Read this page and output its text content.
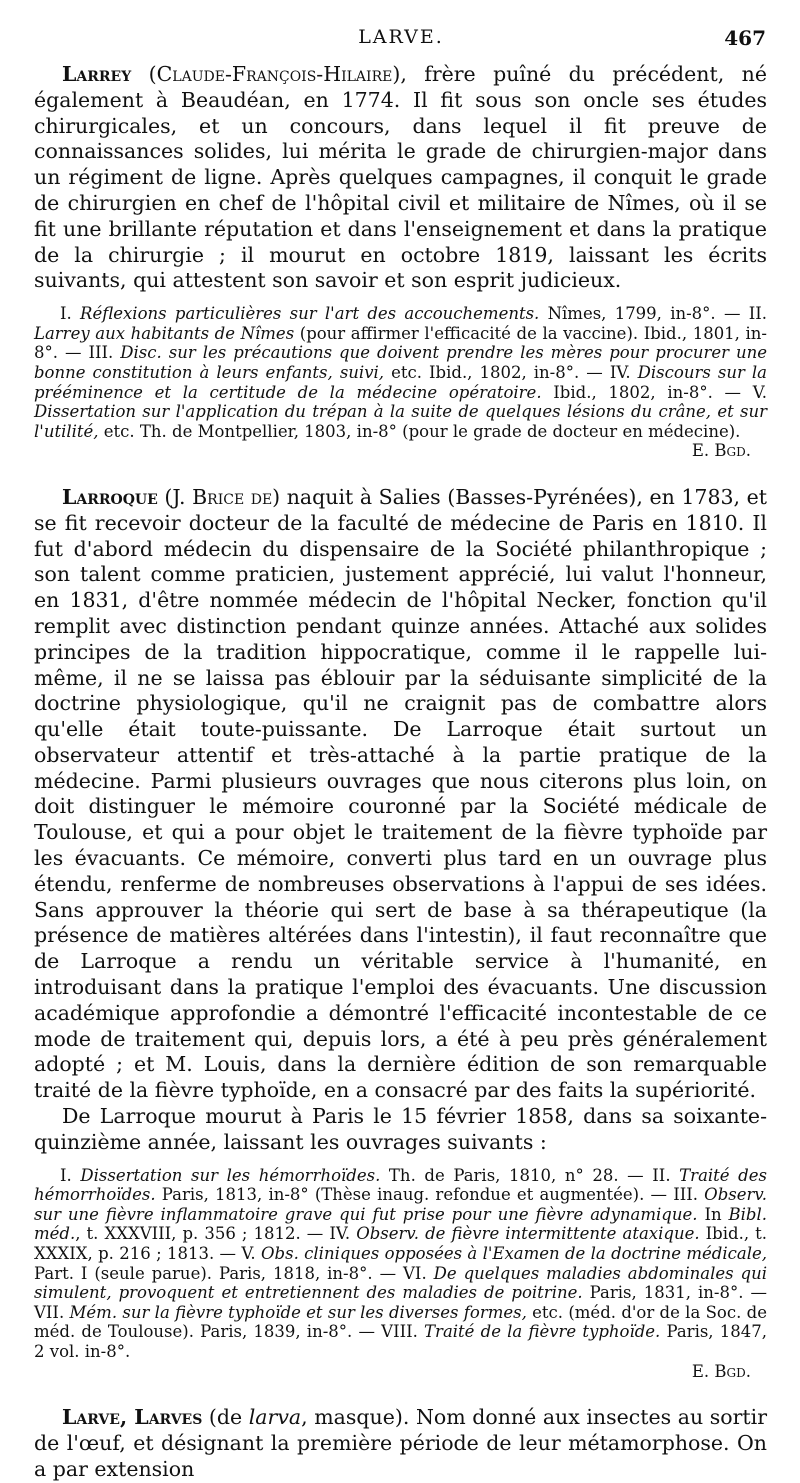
LARVE.	467

Larrey (Claude-François-Hilaire), frère puîné du précédent, né également à Beaudéan, en 1774. Il fit sous son oncle ses études chirurgicales, et un concours, dans lequel il fit preuve de connaissances solides, lui mérita le grade de chirurgien-major dans un régiment de ligne. Après quelques campagnes, il conquit le grade de chirurgien en chef de l'hôpital civil et militaire de Nîmes, où il se fit une brillante réputation et dans l'enseignement et dans la pratique de la chirurgie ; il mourut en octobre 1819, laissant les écrits suivants, qui attestent son savoir et son esprit judicieux.

I. Réflexions particulières sur l'art des accouchements. Nîmes, 1799, in-8°. — II. Larrey aux habitants de Nîmes (pour affirmer l'efficacité de la vaccine). Ibid., 1801, in-8°. — III. Disc. sur les précautions que doivent prendre les mères pour procurer une bonne constitution à leurs enfants, suivi, etc. Ibid., 1802, in-8°. — IV. Discours sur la prééminence et la certitude de la médecine opératoire. Ibid., 1802, in-8°. — V. Dissertation sur l'application du trépan à la suite de quelques lésions du crâne, et sur l'utilité, etc. Th. de Montpellier, 1803, in-8° (pour le grade de docteur en médecine).
E. Bgd.

Larroque (J. Brice de) naquit à Salies (Basses-Pyrénées), en 1783, et se fit recevoir docteur de la faculté de médecine de Paris en 1810. Il fut d'abord médecin du dispensaire de la Société philanthropique ; son talent comme praticien, justement apprécié, lui valut l'honneur, en 1831, d'être nommée médecin de l'hôpital Necker, fonction qu'il remplit avec distinction pendant quinze années. Attaché aux solides principes de la tradition hippocratique, comme il le rappelle lui-même, il ne se laissa pas éblouir par la séduisante simplicité de la doctrine physiologique, qu'il ne craignit pas de combattre alors qu'elle était toute-puissante. De Larroque était surtout un observateur attentif et très-attaché à la partie pratique de la médecine. Parmi plusieurs ouvrages que nous citerons plus loin, on doit distinguer le mémoire couronné par la Société médicale de Toulouse, et qui a pour objet le traitement de la fièvre typhoïde par les évacuants. Ce mémoire, converti plus tard en un ouvrage plus étendu, renferme de nombreuses observations à l'appui de ses idées. Sans approuver la théorie qui sert de base à sa thérapeutique (la présence de matières altérées dans l'intestin), il faut reconnaître que de Larroque a rendu un véritable service à l'humanité, en introduisant dans la pratique l'emploi des évacuants. Une discussion académique approfondie a démontré l'efficacité incontestable de ce mode de traitement qui, depuis lors, a été à peu près généralement adopté ; et M. Louis, dans la dernière édition de son remarquable traité de la fièvre typhoïde, en a consacré par des faits la supériorité.

De Larroque mourut à Paris le 15 février 1858, dans sa soixante-quinzième année, laissant les ouvrages suivants :

I. Dissertation sur les hémorrhoïdes. Th. de Paris, 1810, n° 28. — II. Traité des hémorrhoïdes. Paris, 1813, in-8° (Thèse inaug. refondue et augmentée). — III. Observ. sur une fièvre inflammatoire grave qui fut prise pour une fièvre adynamique. In Bibl. méd., t. XXXVIII, p. 356 ; 1812. — IV. Observ. de fièvre intermittente ataxique. Ibid., t. XXXIX, p. 216 ; 1813. — V. Obs. cliniques opposées à l'Examen de la doctrine médicale, Part. I (seule parue). Paris, 1818, in-8°. — VI. De quelques maladies abdominales qui simulent, provoquent et entretiennent des maladies de poitrine. Paris, 1831, in-8°. — VII. Mém. sur la fièvre typhoïde et sur les diverses formes, etc. (méd. d'or de la Soc. de méd. de Toulouse). Paris, 1839, in-8°. — VIII. Traité de la fièvre typhoïde. Paris, 1847, 2 vol. in-8°.

E. Bgd.

Larve, Larves (de larva, masque). Nom donné aux insectes au sortir de l'œuf, et désignant la première période de leur métamorphose. On a par extension
